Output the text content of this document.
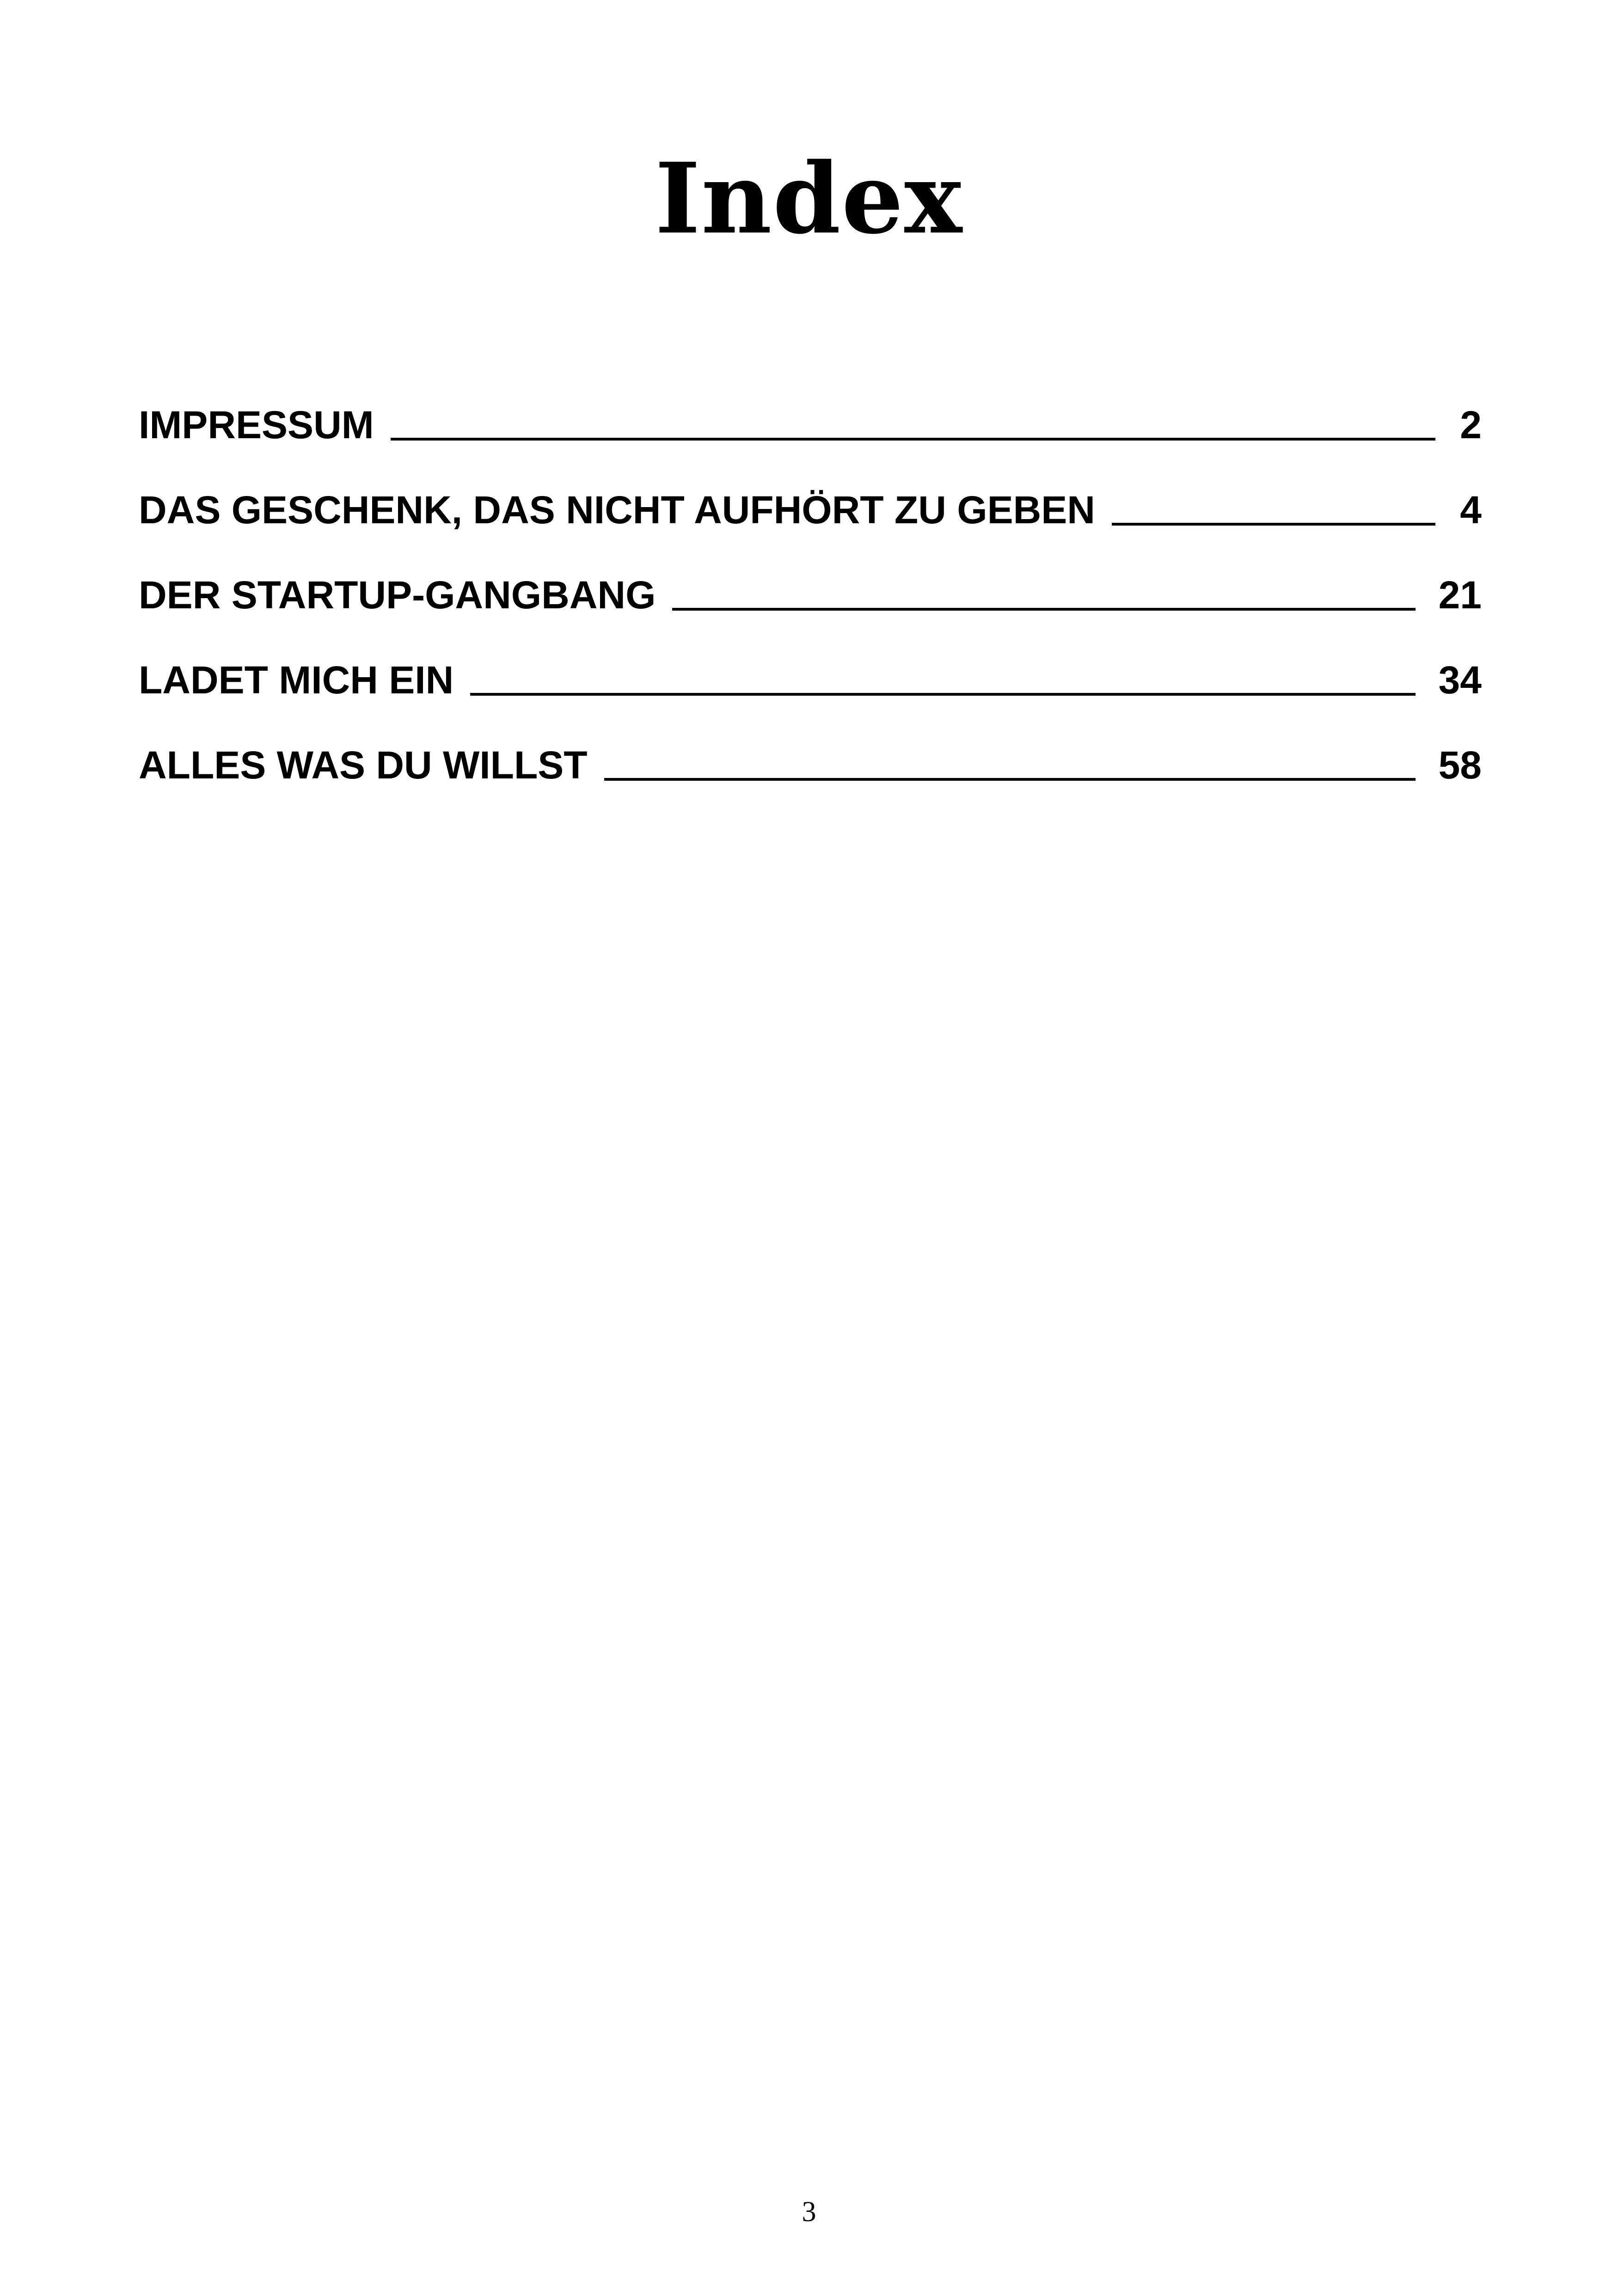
Index
IMPRESSUM	2
DAS GESCHENK, DAS NICHT AUFHÖRT ZU GEBEN	4
DER STARTUP-GANGBANG	21
LADET MICH EIN	34
ALLES WAS DU WILLST	58
3
